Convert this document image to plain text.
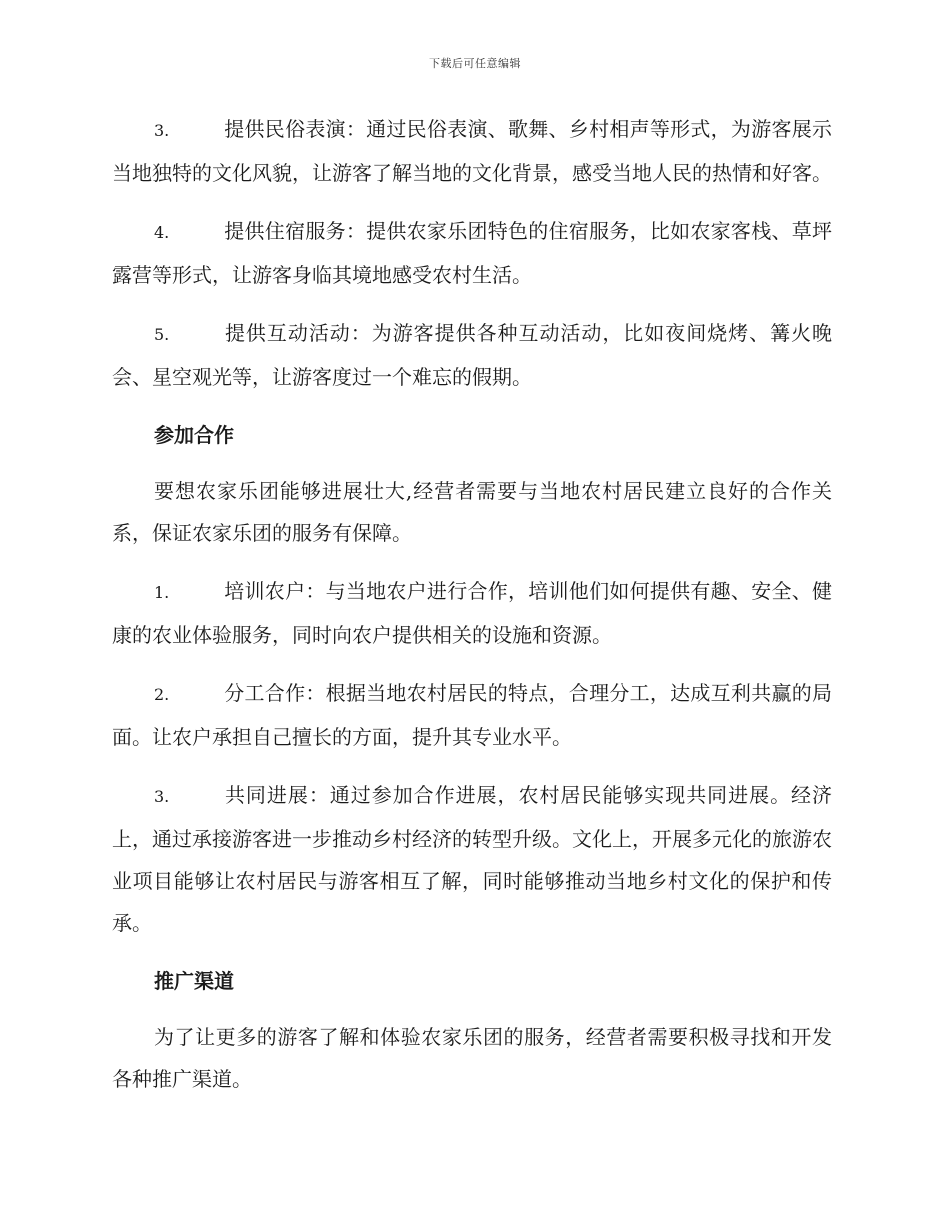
下载后可任意编辑

3.	提供民俗表演：通过民俗表演、歌舞、乡村相声等形式，为游客展示当地独特的文化风貌，让游客了解当地的文化背景，感受当地人民的热情和好客。

4.	提供住宿服务：提供农家乐团特色的住宿服务，比如农家客栈、草坪露营等形式，让游客身临其境地感受农村生活。

5.	提供互动活动：为游客提供各种互动活动，比如夜间烧烤、篝火晚会、星空观光等，让游客度过一个难忘的假期。

参加合作

要想农家乐团能够进展壮大,经营者需要与当地农村居民建立良好的合作关系，保证农家乐团的服务有保障。

1.	培训农户：与当地农户进行合作，培训他们如何提供有趣、安全、健康的农业体验服务，同时向农户提供相关的设施和资源。

2.	分工合作：根据当地农村居民的特点，合理分工，达成互利共赢的局面。让农户承担自己擅长的方面，提升其专业水平。

3.	共同进展：通过参加合作进展，农村居民能够实现共同进展。经济上，通过承接游客进一步推动乡村经济的转型升级。文化上，开展多元化的旅游农业项目能够让农村居民与游客相互了解，同时能够推动当地乡村文化的保护和传承。

推广渠道

为了让更多的游客了解和体验农家乐团的服务，经营者需要积极寻找和开发各种推广渠道。
